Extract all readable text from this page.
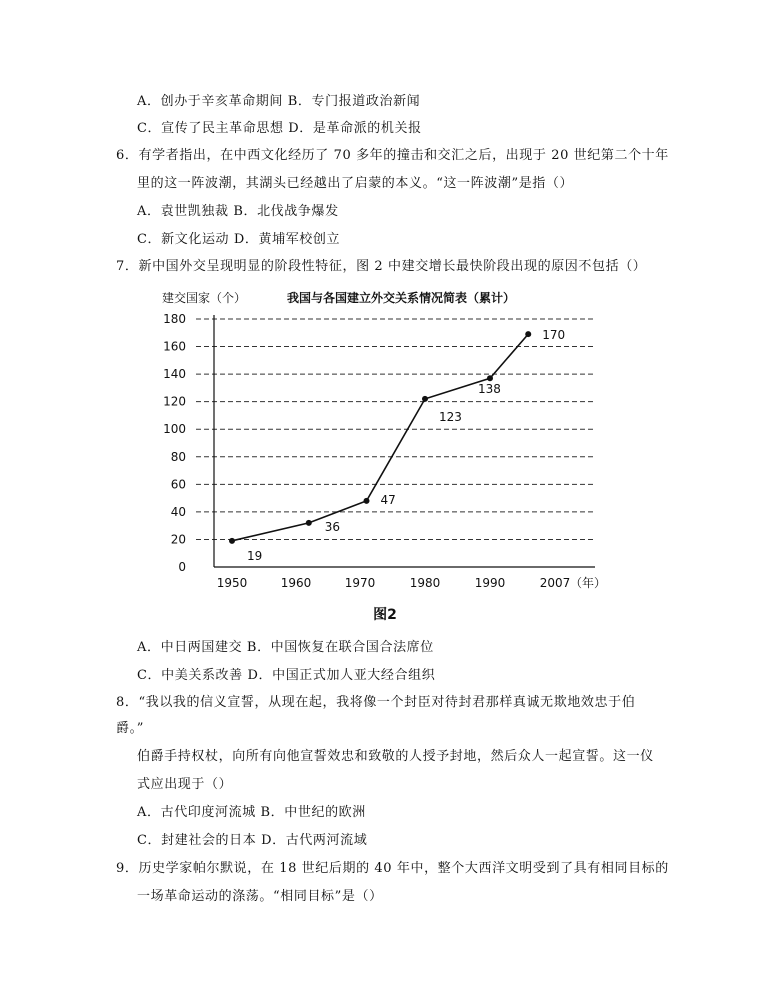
A．创办于辛亥革命期间 B．专门报道政治新闻
C．宣传了民主革命思想 D．是革命派的机关报
6．有学者指出，在中西文化经历了 70 多年的撞击和交汇之后，出现于 20 世纪第二个十年
里的这一阵波潮，其湖头已经越出了启蒙的本义。“这一阵波潮”是指（）
A．袁世凯独裁 B．北伐战争爆发
C．新文化运动 D．黄埔军校创立
7．新中国外交呈现明显的阶段性特征，图 2 中建交增长最快阶段出现的原因不包括（）
建交国家（个）	我国与各国建立外交关系情况简表（累计）
0
20
40
60
80
100
120
140
160
180
1950	1960	1970	1980	1990	2007 （年）
19
36
47
123
138
170
图2
A．中日两国建交 B．中国恢复在联合国合法席位
C．中美关系改善 D．中国正式加人亚大经合组织
8．“我以我的信义宣誓，从现在起，我将像一个封臣对待封君那样真诚无欺地效忠于伯
爵。”
伯爵手持权杖，向所有向他宣誓效忠和致敬的人授予封地，然后众人一起宣誓。这一仪
式应出现于（）
A．古代印度河流城 B．中世纪的欧洲
C．封建社会的日本 D．古代两河流域
9．历史学家帕尔默说，在 18 世纪后期的 40 年中，整个大西洋文明受到了具有相同目标的
一场革命运动的涤荡。“相同目标”是（）
